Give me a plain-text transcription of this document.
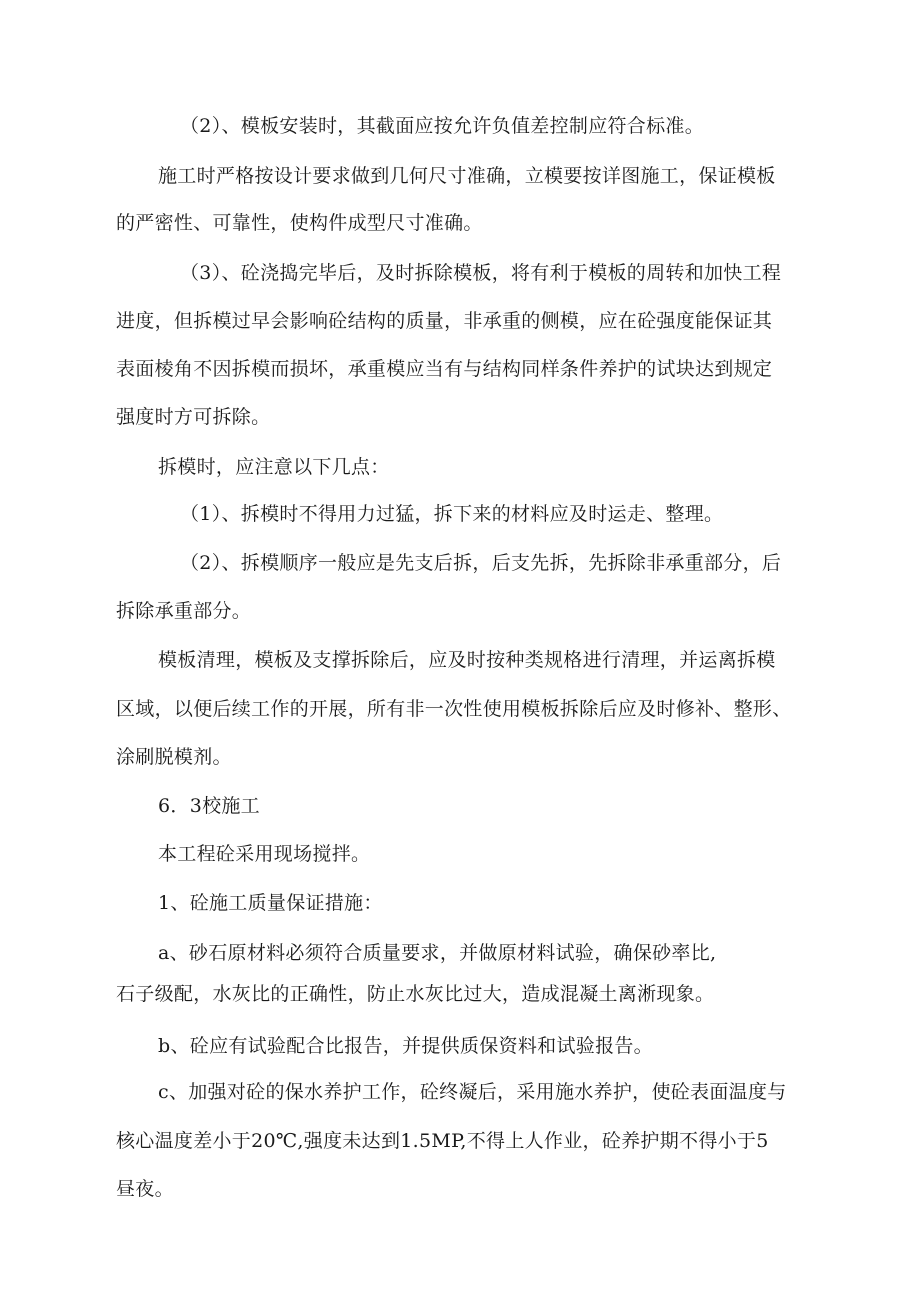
（2）、模板安装时，其截面应按允许负值差控制应符合标准。
施工时严格按设计要求做到几何尺寸准确，立模要按详图施工，保证模板
的严密性、可靠性，使构件成型尺寸准确。
（3）、砼浇捣完毕后，及时拆除模板，将有利于模板的周转和加快工程
进度，但拆模过早会影响砼结构的质量，非承重的侧模，应在砼强度能保证其
表面棱角不因拆模而损坏，承重模应当有与结构同样条件养护的试块达到规定
强度时方可拆除。
拆模时，应注意以下几点：
（1）、拆模时不得用力过猛，拆下来的材料应及时运走、整理。
（2）、拆模顺序一般应是先支后拆，后支先拆，先拆除非承重部分，后
拆除承重部分。
模板清理，模板及支撑拆除后，应及时按种类规格进行清理，并运离拆模
区域，以便后续工作的开展，所有非一次性使用模板拆除后应及时修补、整形、
涂刷脱模剂。
6．3校施工
本工程砼采用现场搅拌。
1、砼施工质量保证措施：
a、砂石原材料必须符合质量要求，并做原材料试验，确保砂率比,
石子级配，水灰比的正确性，防止水灰比过大，造成混凝土离淅现象。
b、砼应有试验配合比报告，并提供质保资料和试验报告。
c、加强对砼的保水养护工作，砼终凝后，采用施水养护，使砼表面温度与
核心温度差小于20℃,强度未达到1.5MP,不得上人作业，砼养护期不得小于5
昼夜。
